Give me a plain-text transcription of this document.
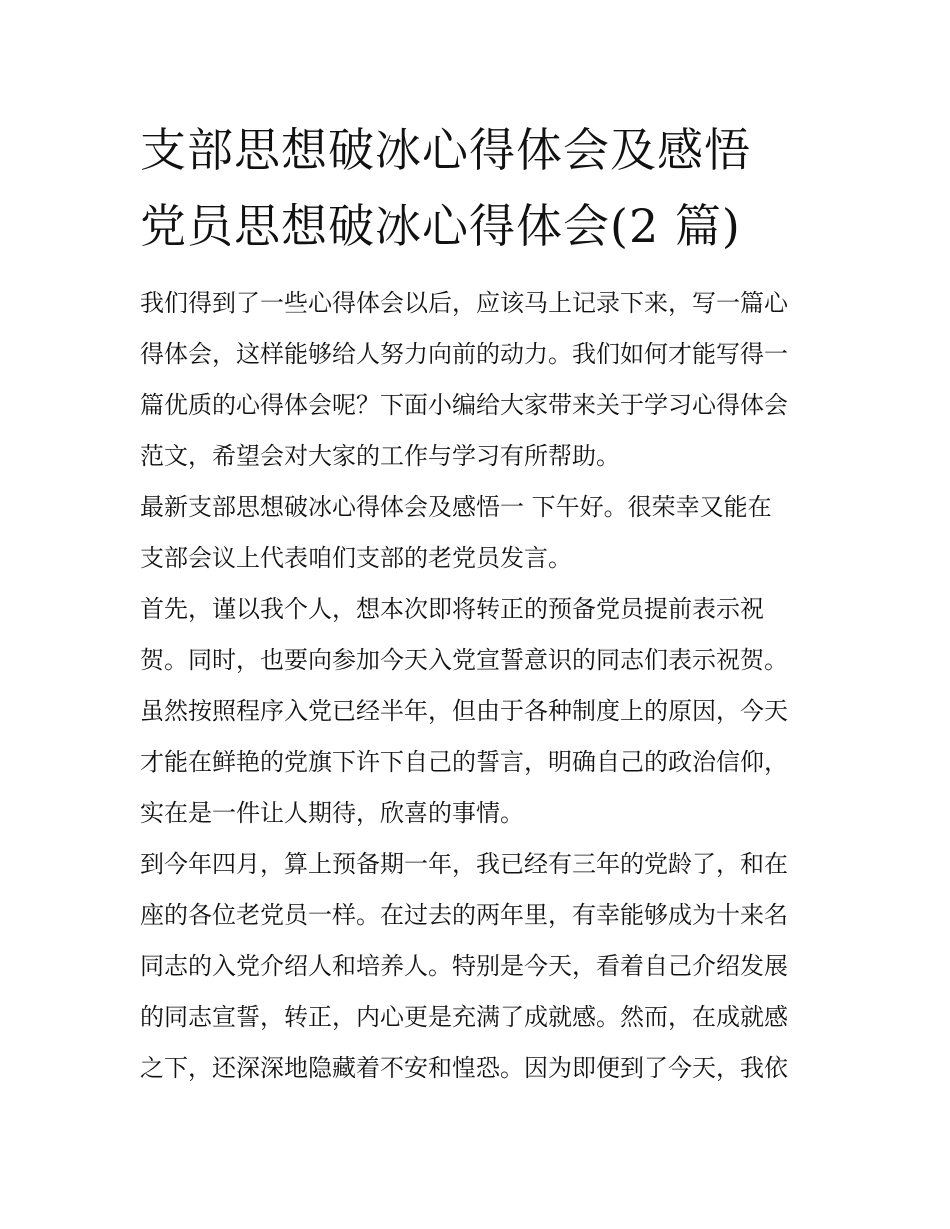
支部思想破冰心得体会及感悟
党员思想破冰心得体会(2 篇)
我们得到了一些心得体会以后，应该马上记录下来，写一篇心
得体会，这样能够给人努力向前的动力。我们如何才能写得一
篇优质的心得体会呢？下面小编给大家带来关于学习心得体会
范文，希望会对大家的工作与学习有所帮助。
最新支部思想破冰心得体会及感悟一 下午好。很荣幸又能在
支部会议上代表咱们支部的老党员发言。
首先，谨以我个人，想本次即将转正的预备党员提前表示祝
贺。同时，也要向参加今天入党宣誓意识的同志们表示祝贺。
虽然按照程序入党已经半年，但由于各种制度上的原因，今天
才能在鲜艳的党旗下许下自己的誓言，明确自己的政治信仰，
实在是一件让人期待，欣喜的事情。
到今年四月，算上预备期一年，我已经有三年的党龄了，和在
座的各位老党员一样。在过去的两年里，有幸能够成为十来名
同志的入党介绍人和培养人。特别是今天，看着自己介绍发展
的同志宣誓，转正，内心更是充满了成就感。然而，在成就感
之下，还深深地隐藏着不安和惶恐。因为即便到了今天，我依
